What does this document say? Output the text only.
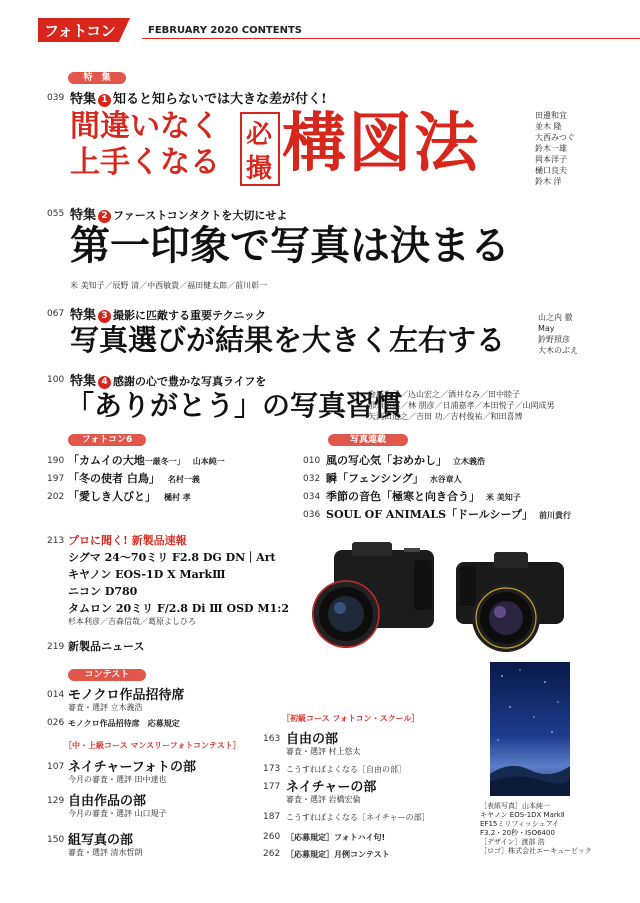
フォトコン	FEBRUARY 2020 CONTENTS
特　集
039 特集 1 知ると知らないでは大きな差が付く!
間違いなく
上手くなる
必
撮 構図法	田邊和宜
並木 隆
大西みつぐ
鈴木一雄
岡本洋子
樋口良夫
鈴木 洋
055 特集 2 ファーストコンタクトを大切にせよ
第一印象で写真は決まる
米 美知子／辰野 清／中西敏貴／福田健太郎／前川彰一
067 特集 3 撮影に匹敵する重要テクニック
写真選びが結果を大きく左右する
山之内 徹
May
鈴野照彦
大木のぶえ
100 特集 4 感謝の心で豊かな写真ライフを
「ありがとう」の写真習慣
金城文子／込山宏之／酒井なみ／田中睦子
那須昭典／林 朋彦／日浦嘉孝／本田悦子／山岡成男
矢渕田道之／吉田 功／吉村俊祐／和田喜博
フォトコン6
190 「カムイの大地一厳冬一」 山本純一
197 「冬の使者 白鳥」 名村一義
202 「愛しき人びと」 樋村 孝
写真連載
010 風の写心気「おめかし」 立木義浩
032 瞬「フェンシング」 水谷章人
034 季節の音色「極寒と向き合う」 米 美知子
036 SOUL OF ANIMALS「ドールシープ」 前川貴行
213 プロに聞く! 新製品速報
シグマ 24〜70ミリ F2.8 DG DN｜Art
キヤノン EOS-1D X MarkⅢ
ニコン D780
タムロン 20ミリ F/2.8 Di Ⅲ OSD M1:2
杉本利彦／吉森信哉／葛原よしひろ
219 新製品ニュース
コンテスト
014 モノクロ作品招待席
審査・選評 立木義浩
026 モノクロ作品招待席　応募規定
［中・上級コース マンスリーフォトコンテスト］
107 ネイチャーフォトの部
今月の審査・選評 田中達也
129 自由作品の部
今月の審査・選評 山口規子
150 組写真の部
審査・選評 清水哲朗
［初級コース フォトコン・スクール］
163 自由の部
審査・選評 村上悠太
173 こうすればよくなる［自由の部］
177 ネイチャーの部
審査・選評 岩橋宏倫
187 こうすればよくなる［ネイチャーの部］
260 ［応募規定］フォトハイ句!
262 ［応募規定］月例コンテスト
［表紙写真］山本純一
キヤノン EOS-1DX MarkⅡ
EF15ミリフィッシュアイ
F3.2・20秒・ISO6400
［デザイン］渡部 浩
［ロゴ］株式会社エーキューピック
